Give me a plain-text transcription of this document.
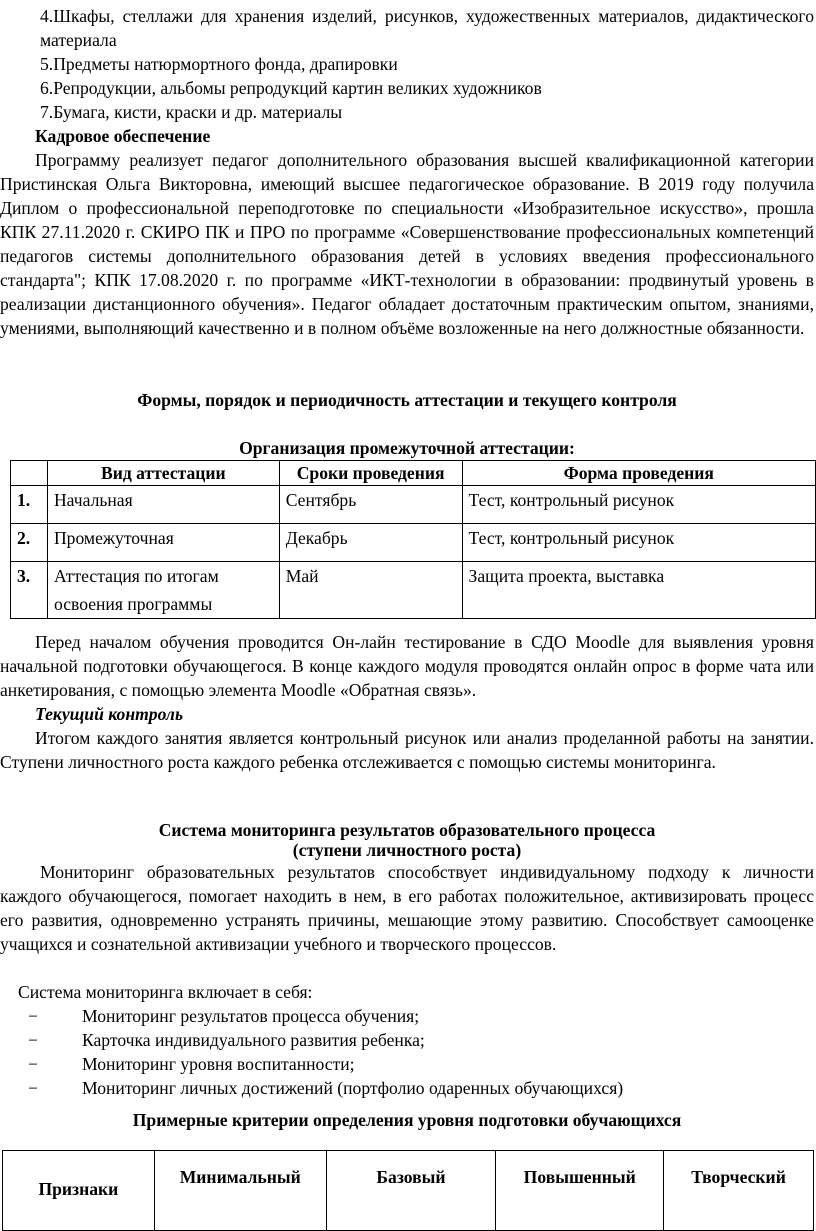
4.Шкафы, стеллажи для хранения изделий, рисунков, художественных материалов, дидактического материала
5.Предметы натюрмортного фонда, драпировки
6.Репродукции, альбомы репродукций картин великих художников
7.Бумага, кисти, краски и др. материалы
Кадровое обеспечение
Программу реализует педагог дополнительного образования высшей квалификационной категории Пристинская Ольга Викторовна, имеющий высшее педагогическое образование. В 2019 году получила Диплом о профессиональной переподготовке по специальности «Изобразительное искусство», прошла КПК 27.11.2020 г. СКИРО ПК и ПРО по программе «Совершенствование профессиональных компетенций педагогов системы дополнительного образования детей в условиях введения профессионального стандарта"; КПК 17.08.2020 г. по программе «ИКТ-технологии в образовании: продвинутый уровень в реализации дистанционного обучения». Педагог обладает достаточным практическим опытом, знаниями, умениями, выполняющий качественно и в полном объёме возложенные на него должностные обязанности.
Формы, порядок и периодичность аттестации и текущего контроля
Организация промежуточной аттестации:
	Вид аттестации	Сроки проведения	Форма проведения
1.	Начальная	Сентябрь	Тест, контрольный рисунок
2.	Промежуточная	Декабрь	Тест, контрольный рисунок
3.	Аттестация по итогам освоения программы	Май	Защита проекта, выставка
Перед началом обучения проводится Он-лайн тестирование в СДО Moodle для выявления уровня начальной подготовки обучающегося. В конце каждого модуля проводятся онлайн опрос в форме чата или анкетирования, с помощью элемента Moodle «Обратная связь».
Текущий контроль
Итогом каждого занятия является контрольный рисунок или анализ проделанной работы на занятии. Ступени личностного роста каждого ребенка отслеживается с помощью системы мониторинга.
Система мониторинга результатов образовательного процесса
(ступени личностного роста)
Мониторинг образовательных результатов способствует индивидуальному подходу к личности каждого обучающегося, помогает находить в нем, в его работах положительное, активизировать процесс его развития, одновременно устранять причины, мешающие этому развитию. Способствует самооценке учащихся и сознательной активизации учебного и творческого процессов.
Система мониторинга включает в себя:
−	Мониторинг результатов процесса обучения;
−	Карточка индивидуального развития ребенка;
−	Мониторинг уровня воспитанности;
−	Мониторинг личных достижений (портфолио одаренных обучающихся)
Примерные критерии определения уровня подготовки обучающихся
Признаки	Минимальный	Базовый	Повышенный	Творческий
